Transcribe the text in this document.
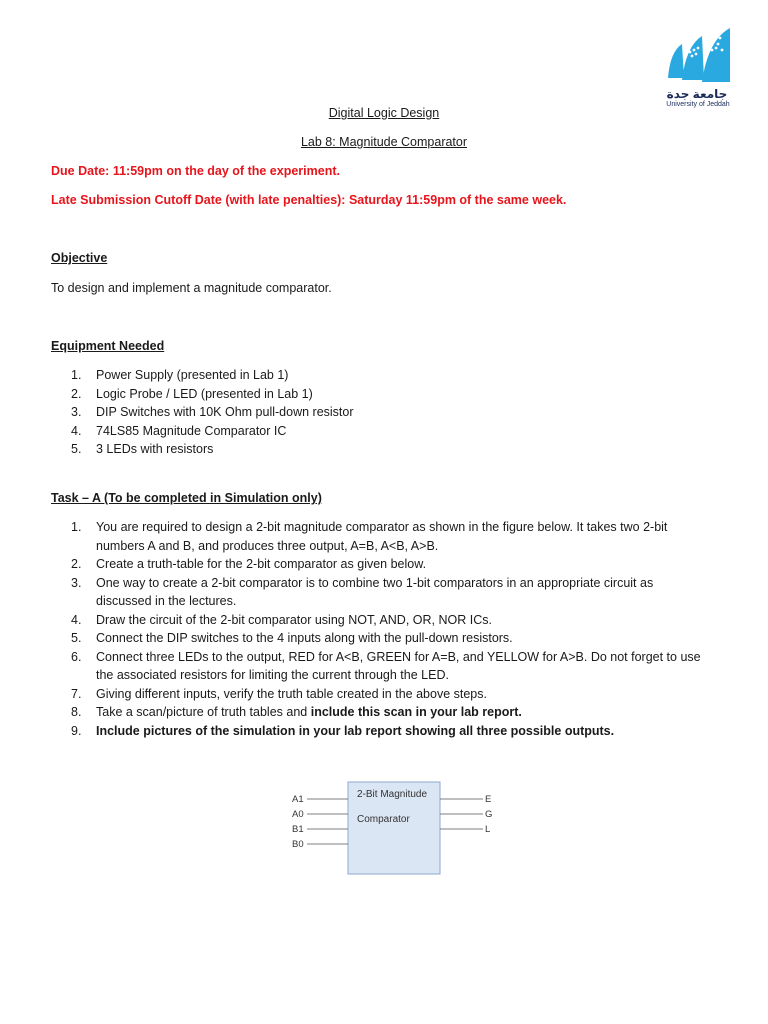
جامعة جدة
University of Jeddah
Digital Logic Design
Lab 8: Magnitude Comparator
Due Date: 11:59pm on the day of the experiment.
Late Submission Cutoff Date (with late penalties): Saturday 11:59pm of the same week.
Objective
To design and implement a magnitude comparator.
Equipment Needed
1. Power Supply (presented in Lab 1)
2. Logic Probe / LED (presented in Lab 1)
3. DIP Switches with 10K Ohm pull-down resistor
4. 74LS85 Magnitude Comparator IC
5. 3 LEDs with resistors
Task – A (To be completed in Simulation only)
1. You are required to design a 2-bit magnitude comparator as shown in the figure below. It takes two 2-bit numbers A and B, and produces three output, A=B, A<B, A>B.
2. Create a truth-table for the 2-bit comparator as given below.
3. One way to create a 2-bit comparator is to combine two 1-bit comparators in an appropriate circuit as discussed in the lectures.
4. Draw the circuit of the 2-bit comparator using NOT, AND, OR, NOR ICs.
5. Connect the DIP switches to the 4 inputs along with the pull-down resistors.
6. Connect three LEDs to the output, RED for A<B, GREEN for A=B, and YELLOW for A>B. Do not forget to use the associated resistors for limiting the current through the LED.
7. Giving different inputs, verify the truth table created in the above steps.
8. Take a scan/picture of truth tables and include this scan in your lab report.
9. Include pictures of the simulation in your lab report showing all three possible outputs.
2-Bit Magnitude
Comparator
A1
A0
B1
B0
E
G
L
